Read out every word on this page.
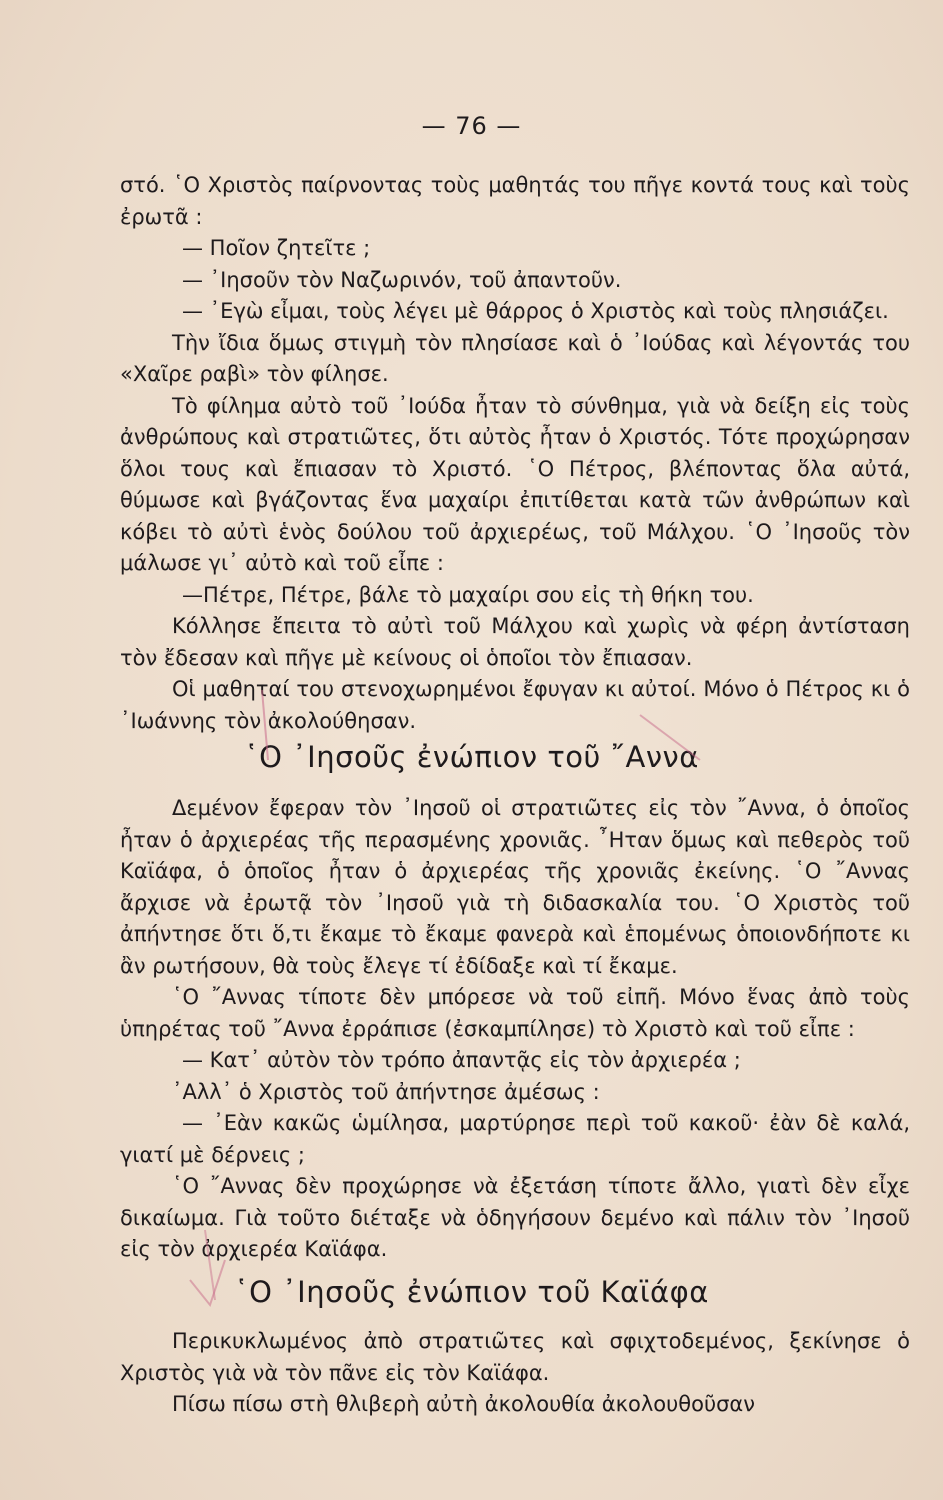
— 76 —

στό. ῾Ο Χριστὸς παίρνοντας τοὺς μαθητάς του πῆγε κοντά τους καὶ τοὺς ἐρωτᾶ :

— Ποῖον ζητεῖτε ;

— ᾿Ιησοῦν τὸν Ναζωρινόν, τοῦ ἀπαντοῦν.

— ᾿Εγὼ εἶμαι, τοὺς λέγει μὲ θάρρος ὁ Χριστὸς καὶ τοὺς πλησιάζει.

Τὴν ἴδια ὅμως στιγμὴ τὸν πλησίασε καὶ ὁ ᾿Ιούδας καὶ λέγοντάς του «Χαῖρε ραβὶ» τὸν φίλησε.

Τὸ φίλημα αὐτὸ τοῦ ᾿Ιούδα ἦταν τὸ σύνθημα, γιὰ νὰ δείξη εἰς τοὺς ἀνθρώπους καὶ στρατιῶτες, ὅτι αὐτὸς ἦταν ὁ Χριστός. Τότε προχώρησαν ὅλοι τους καὶ ἔπιασαν τὸ Χριστό. ῾Ο Πέτρος, βλέποντας ὅλα αὐτά, θύμωσε καὶ βγάζοντας ἕνα μαχαίρι ἐπιτίθεται κατὰ τῶν ἀνθρώπων καὶ κόβει τὸ αὐτὶ ἑνὸς δούλου τοῦ ἀρχιερέως, τοῦ Μάλχου. ῾Ο ᾿Ιησοῦς τὸν μάλωσε γι᾿ αὐτὸ καὶ τοῦ εἶπε :

—Πέτρε, Πέτρε, βάλε τὸ μαχαίρι σου εἰς τὴ θήκη του.

Κόλλησε ἔπειτα τὸ αὐτὶ τοῦ Μάλχου καὶ χωρὶς νὰ φέρη ἀντίσταση τὸν ἔδεσαν καὶ πῆγε μὲ κείνους οἱ ὁποῖοι τὸν ἔπιασαν.

Οἱ μαθηταί του στενοχωρημένοι ἔφυγαν κι αὐτοί. Μόνο ὁ Πέτρος κι ὁ ᾿Ιωάννης τὸν ἀκολούθησαν.

῾Ο ᾿Ιησοῦς ἐνώπιον τοῦ ῎Αννα

Δεμένον ἔφεραν τὸν ᾿Ιησοῦ οἱ στρατιῶτες εἰς τὸν ῎Αννα, ὁ ὁποῖος ἦταν ὁ ἀρχιερέας τῆς περασμένης χρονιᾶς. ῏Ηταν ὅμως καὶ πεθερὸς τοῦ Καϊάφα, ὁ ὁποῖος ἦταν ὁ ἀρχιερέας τῆς χρονιᾶς ἐκείνης. ῾Ο ῎Αννας ἄρχισε νὰ ἐρωτᾷ τὸν ᾿Ιησοῦ γιὰ τὴ διδασκαλία του. ῾Ο Χριστὸς τοῦ ἀπήντησε ὅτι ὅ,τι ἔκαμε τὸ ἔκαμε φανερὰ καὶ ἑπομένως ὁποιονδήποτε κι ἂν ρωτήσουν, θὰ τοὺς ἔλεγε τί ἐδίδαξε καὶ τί ἔκαμε.

῾Ο ῎Αννας τίποτε δὲν μπόρεσε νὰ τοῦ εἰπῆ. Μόνο ἕνας ἀπὸ τοὺς ὑπηρέτας τοῦ ῎Αννα ἐρράπισε (ἐσκαμπίλησε) τὸ Χριστὸ καὶ τοῦ εἶπε :

— Κατ᾿ αὐτὸν τὸν τρόπο ἀπαντᾷς εἰς τὸν ἀρχιερέα ;

᾿Αλλ᾿ ὁ Χριστὸς τοῦ ἀπήντησε ἀμέσως :

— ᾿Εὰν κακῶς ὡμίλησα, μαρτύρησε περὶ τοῦ κακοῦ· ἐὰν δὲ καλά, γιατί μὲ δέρνεις ;

῾Ο ῎Αννας δὲν προχώρησε νὰ ἐξετάση τίποτε ἄλλο, γιατὶ δὲν εἶχε δικαίωμα. Γιὰ τοῦτο διέταξε νὰ ὁδηγήσουν δεμένο καὶ πάλιν τὸν ᾿Ιησοῦ εἰς τὸν ἀρχιερέα Καϊάφα.

῾Ο ᾿Ιησοῦς ἐνώπιον τοῦ Καϊάφα

Περικυκλωμένος ἀπὸ στρατιῶτες καὶ σφιχτοδεμένος, ξεκίνησε ὁ Χριστὸς γιὰ νὰ τὸν πᾶνε εἰς τὸν Καϊάφα.

Πίσω πίσω στὴ θλιβερὴ αὐτὴ ἀκολουθία ἀκολουθοῦσαν
